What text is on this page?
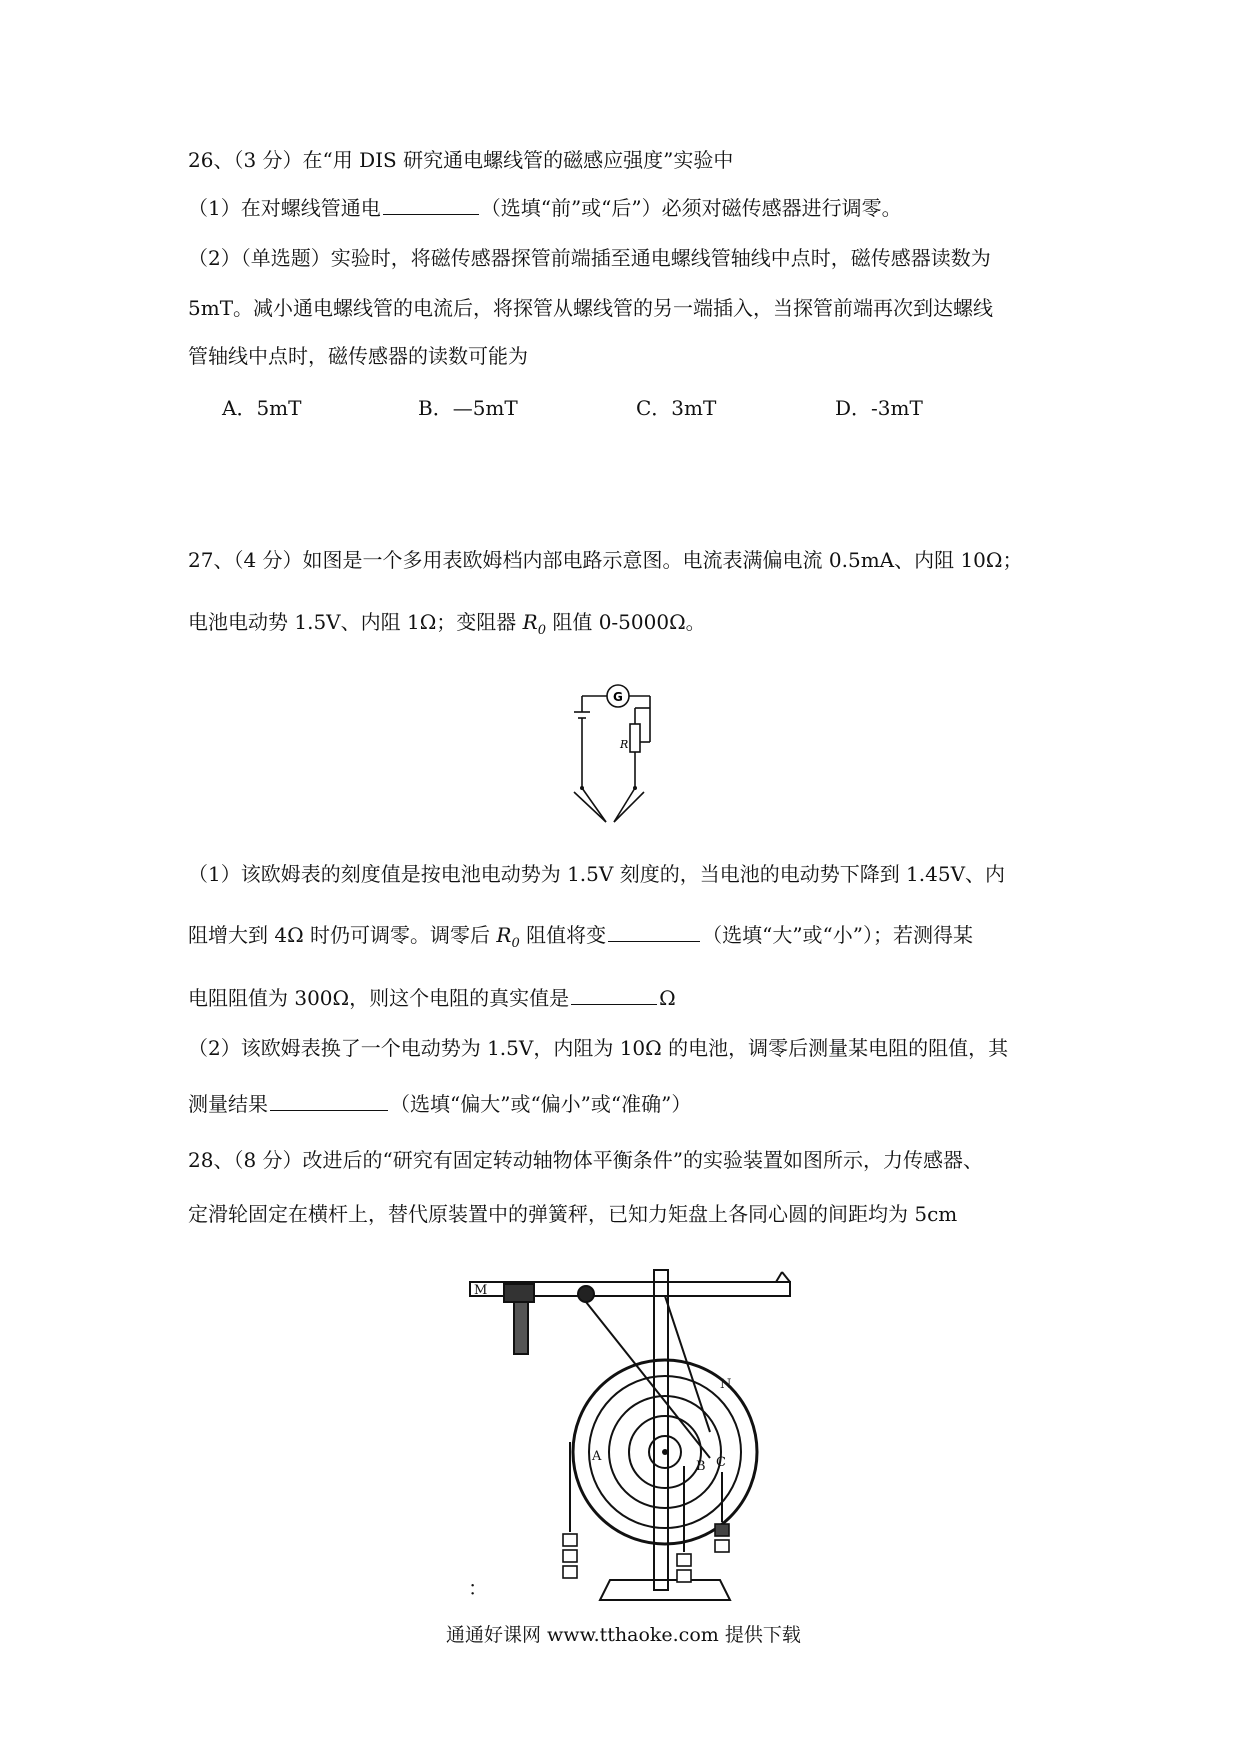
26、（3 分）在“用 DIS 研究通电螺线管的磁感应强度”实验中
（1）在对螺线管通电	（选填“前”或“后”）必须对磁传感器进行调零。
（2）（单选题）实验时，将磁传感器探管前端插至通电螺线管轴线中点时，磁传感器读数为
5mT。减小通电螺线管的电流后，将探管从螺线管的另一端插入，当探管前端再次到达螺线
管轴线中点时，磁传感器的读数可能为
A．5mT	B．—5mT	C．3mT	D．-3mT
27、（4 分）如图是一个多用表欧姆档内部电路示意图。电流表满偏电流 0.5mA、内阻 10Ω；
电池电动势 1.5V、内阻 1Ω；变阻器 $R_0$ 阻值 0-5000Ω。
G
R
（1）该欧姆表的刻度值是按电池电动势为 1.5V 刻度的，当电池的电动势下降到 1.45V、内
阻增大到 4Ω 时仍可调零。调零后 $R_0$ 阻值将变	（选填“大”或“小”）；若测得某
电阻阻值为 300Ω，则这个电阻的真实值是	Ω
（2）该欧姆表换了一个电动势为 1.5V，内阻为 10Ω 的电池，调零后测量某电阻的阻值，其
测量结果	（选填“偏大”或“偏小”或“准确”）
28、（8 分）改进后的“研究有固定转动轴物体平衡条件”的实验装置如图所示，力传感器、
定滑轮固定在横杆上，替代原装置中的弹簧秤，已知力矩盘上各同心圆的间距均为 5cm
M
N
A
B C
：
通通好课网 www.tthaoke.com 提供下载
